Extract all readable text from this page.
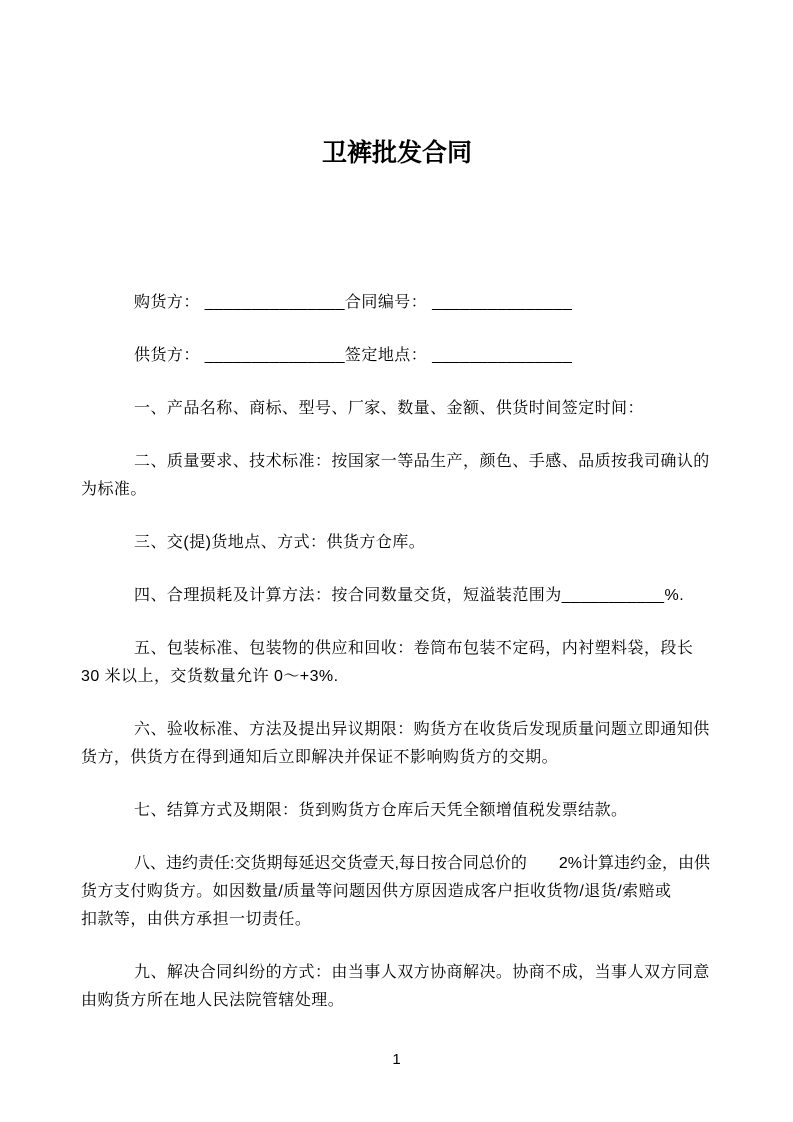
卫裤批发合同

购货方： _______________合同编号： _______________

供货方： _______________签定地点： _______________

一、产品名称、商标、型号、厂家、数量、金额、供货时间签定时间：

二、质量要求、技术标准：按国家一等品生产，颜色、手感、品质按我司确认的
为标准。

三、交(提)货地点、方式：供货方仓库。

四、合理损耗及计算方法：按合同数量交货，短溢装范围为___________%.

五、包装标准、包装物的供应和回收：卷筒布包装不定码，内衬塑料袋，段长
30 米以上，交货数量允许 0～+3%.

六、验收标准、方法及提出异议期限：购货方在收货后发现质量问题立即通知供
货方，供货方在得到通知后立即解决并保证不影响购货方的交期。

七、结算方式及期限：货到购货方仓库后天凭全额增值税发票结款。

八、违约责任:交货期每延迟交货壹天,每日按合同总价的　　2%计算违约金，由供
货方支付购货方。如因数量/质量等问题因供方原因造成客户拒收货物/退货/索赔或
扣款等，由供方承担一切责任。

九、解决合同纠纷的方式：由当事人双方协商解决。协商不成，当事人双方同意
由购货方所在地人民法院管辖处理。

1
